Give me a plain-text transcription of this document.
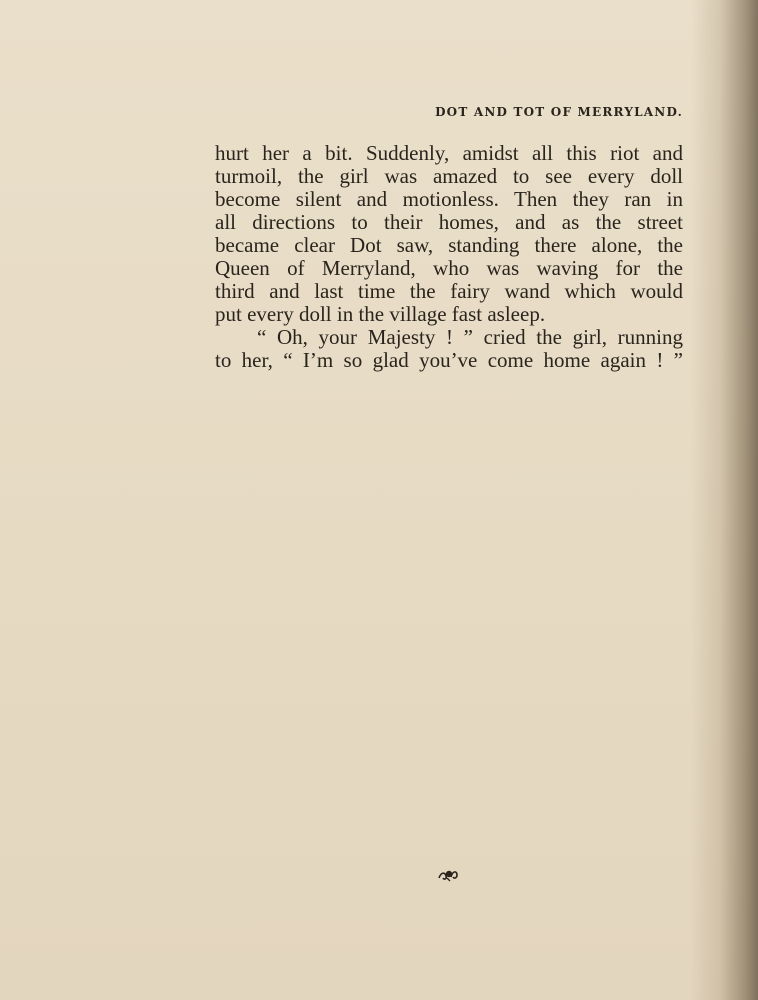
DOT AND TOT OF MERRYLAND.
hurt her a bit. Suddenly, amidst all this riot and
turmoil, the girl was amazed to see every doll
become silent and motionless. Then they ran in
all directions to their homes, and as the street
became clear Dot saw, standing there alone, the
Queen of Merryland, who was waving for the
third and last time the fairy wand which would
put every doll in the village fast asleep.
“ Oh, your Majesty ! ” cried the girl, running
to her, “ I’m so glad you’ve come home again ! ”
